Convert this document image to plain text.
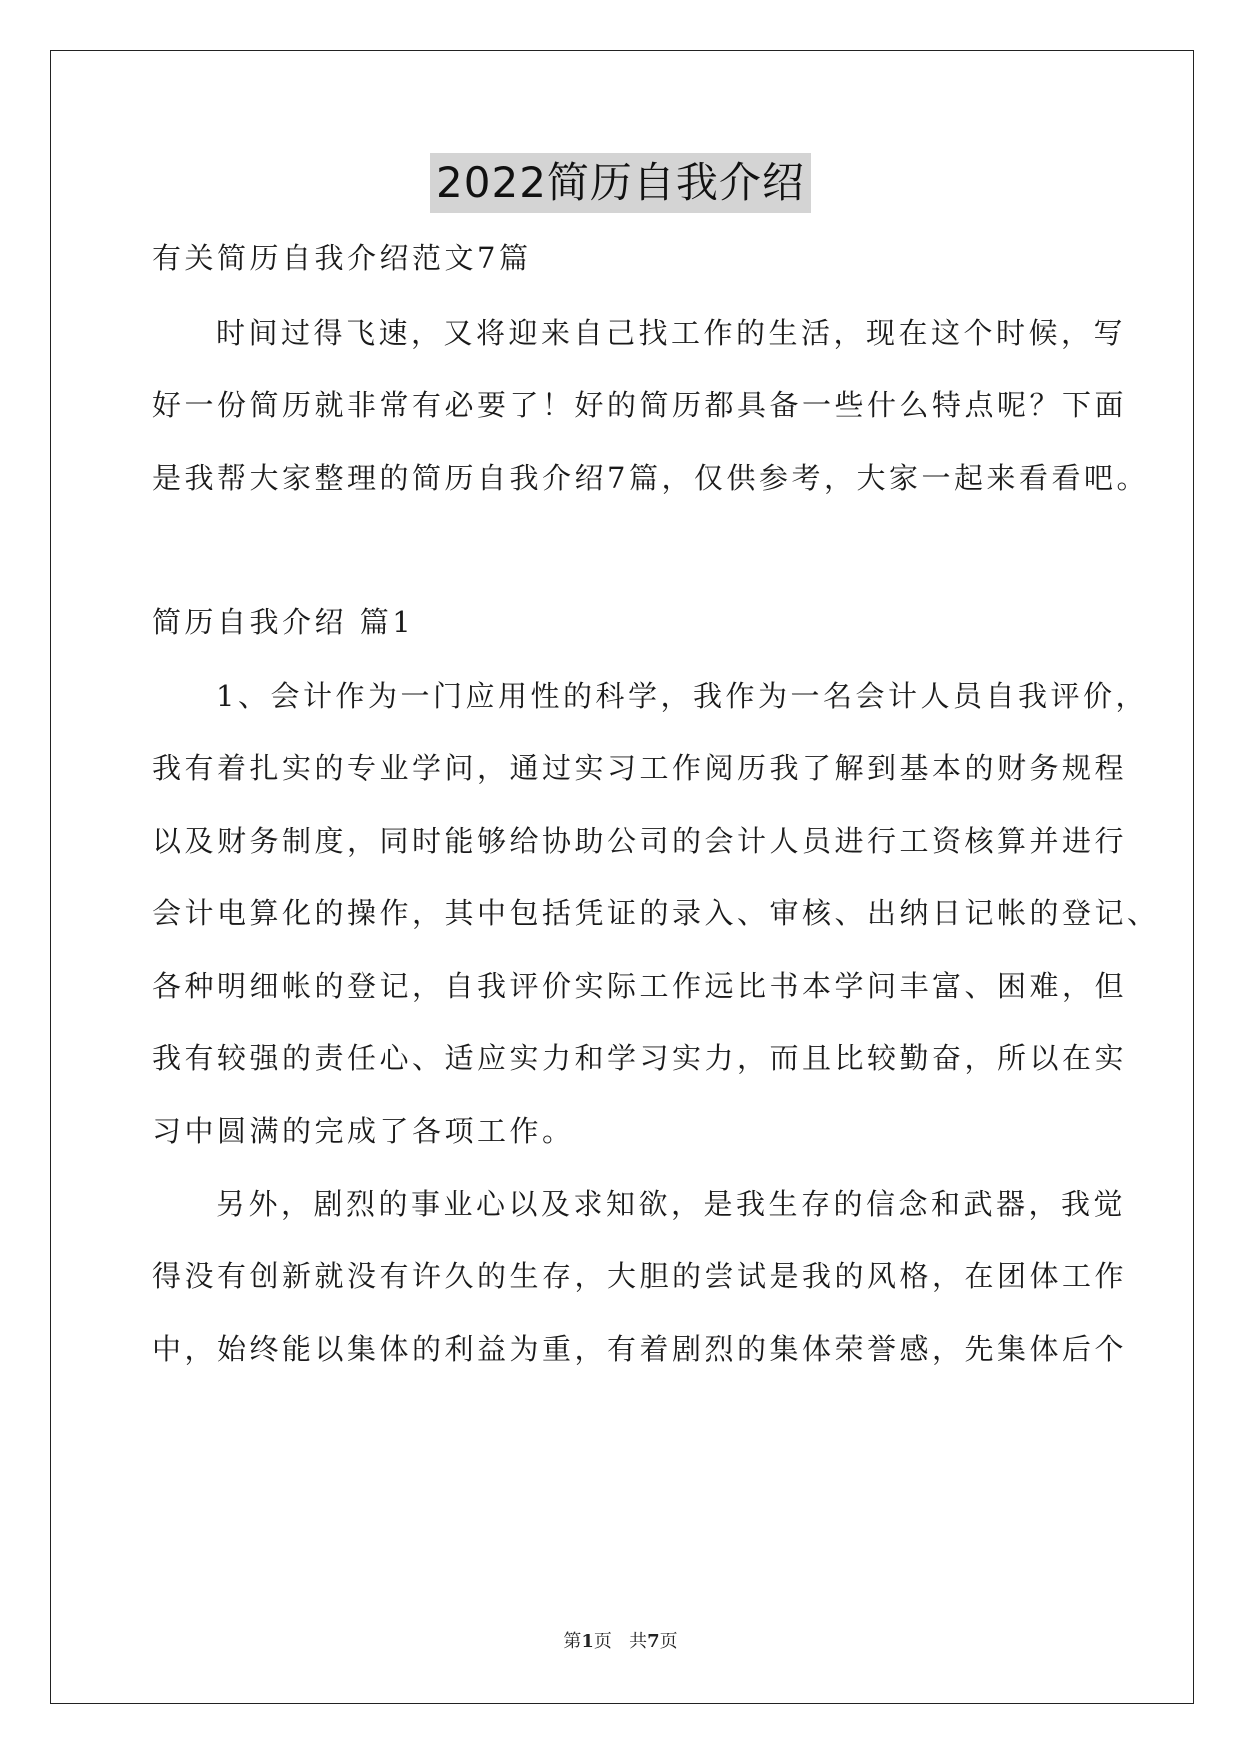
2022简历自我介绍
有关简历自我介绍范文7篇
时间过得飞速，又将迎来自己找工作的生活，现在这个时候，写
好一份简历就非常有必要了！好的简历都具备一些什么特点呢？下面
是我帮大家整理的简历自我介绍7篇，仅供参考，大家一起来看看吧。
简历自我介绍 篇1
1、会计作为一门应用性的科学，我作为一名会计人员自我评价，
我有着扎实的专业学问，通过实习工作阅历我了解到基本的财务规程
以及财务制度，同时能够给协助公司的会计人员进行工资核算并进行
会计电算化的操作，其中包括凭证的录入、审核、出纳日记帐的登记、
各种明细帐的登记，自我评价实际工作远比书本学问丰富、困难，但
我有较强的责任心、适应实力和学习实力，而且比较勤奋，所以在实
习中圆满的完成了各项工作。
另外，剧烈的事业心以及求知欲，是我生存的信念和武器，我觉
得没有创新就没有许久的生存，大胆的尝试是我的风格，在团体工作
中，始终能以集体的利益为重，有着剧烈的集体荣誉感，先集体后个
第1页   共7页
